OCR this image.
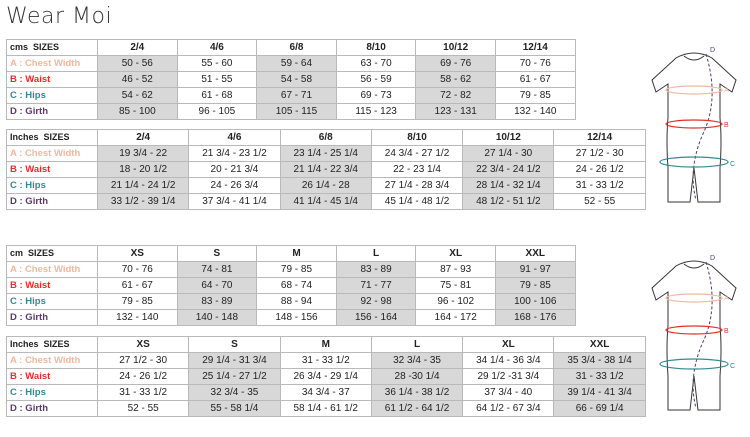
Wear Moi
cms SIZES	2/4	4/6	6/8	8/10	10/12	12/14
A : Chest Width	50 - 56	55 - 60	59 - 64	63 - 70	69 - 76	70 - 76
B : Waist	46 - 52	51 - 55	54 - 58	56 - 59	58 - 62	61 - 67
C : Hips	54 - 62	61 - 68	67 - 71	69 - 73	72 - 82	79 - 85
D : Girth	85 - 100	96 - 105	105 - 115	115 - 123	123 - 131	132 - 140
Inches SIZES	2/4	4/6	6/8	8/10	10/12	12/14
A : Chest Width	19 3/4 - 22	21 3/4 - 23 1/2	23 1/4 - 25 1/4	24 3/4 - 27 1/2	27 1/4 - 30	27 1/2 - 30
B : Waist	18 - 20 1/2	20 - 21 3/4	21 1/4 - 22 3/4	22 - 23 1/4	22 3/4 - 24 1/2	24 - 26 1/2
C : Hips	21 1/4 - 24 1/2	24 - 26 3/4	26 1/4 - 28	27 1/4 - 28 3/4	28 1/4 - 32 1/4	31 - 33 1/2
D : Girth	33 1/2 - 39 1/4	37 3/4 - 41 1/4	41 1/4 - 45 1/4	45 1/4 - 48 1/2	48 1/2 - 51 1/2	52 - 55
cm SIZES	XS	S	M	L	XL	XXL
A : Chest Width	70 - 76	74 - 81	79 - 85	83 - 89	87 - 93	91 - 97
B : Waist	61 - 67	64 - 70	68 - 74	71 - 77	75 - 81	79 - 85
C : Hips	79 - 85	83 - 89	88 - 94	92 - 98	96 - 102	100 - 106
D : Girth	132 - 140	140 - 148	148 - 156	156 - 164	164 - 172	168 - 176
Inches SIZES	XS	S	M	L	XL	XXL
A : Chest Width	27 1/2 - 30	29 1/4 - 31 3/4	31 - 33 1/2	32 3/4 - 35	34 1/4 - 36 3/4	35 3/4 - 38 1/4
B : Waist	24 - 26 1/2	25 1/4 - 27 1/2	26 3/4 - 29 1/4	28 -30 1/4	29 1/2 -31 3/4	31 - 33 1/2
C : Hips	31 - 33 1/2	32 3/4 - 35	34 3/4 - 37	36 1/4 - 38 1/2	37 3/4 - 40	39 1/4 - 41 3/4
D : Girth	52 - 55	55 - 58 1/4	58 1/4 - 61 1/2	61 1/2 - 64 1/2	64 1/2 - 67 3/4	66 - 69 1/4
D
A
B
C
D
A
B
C
